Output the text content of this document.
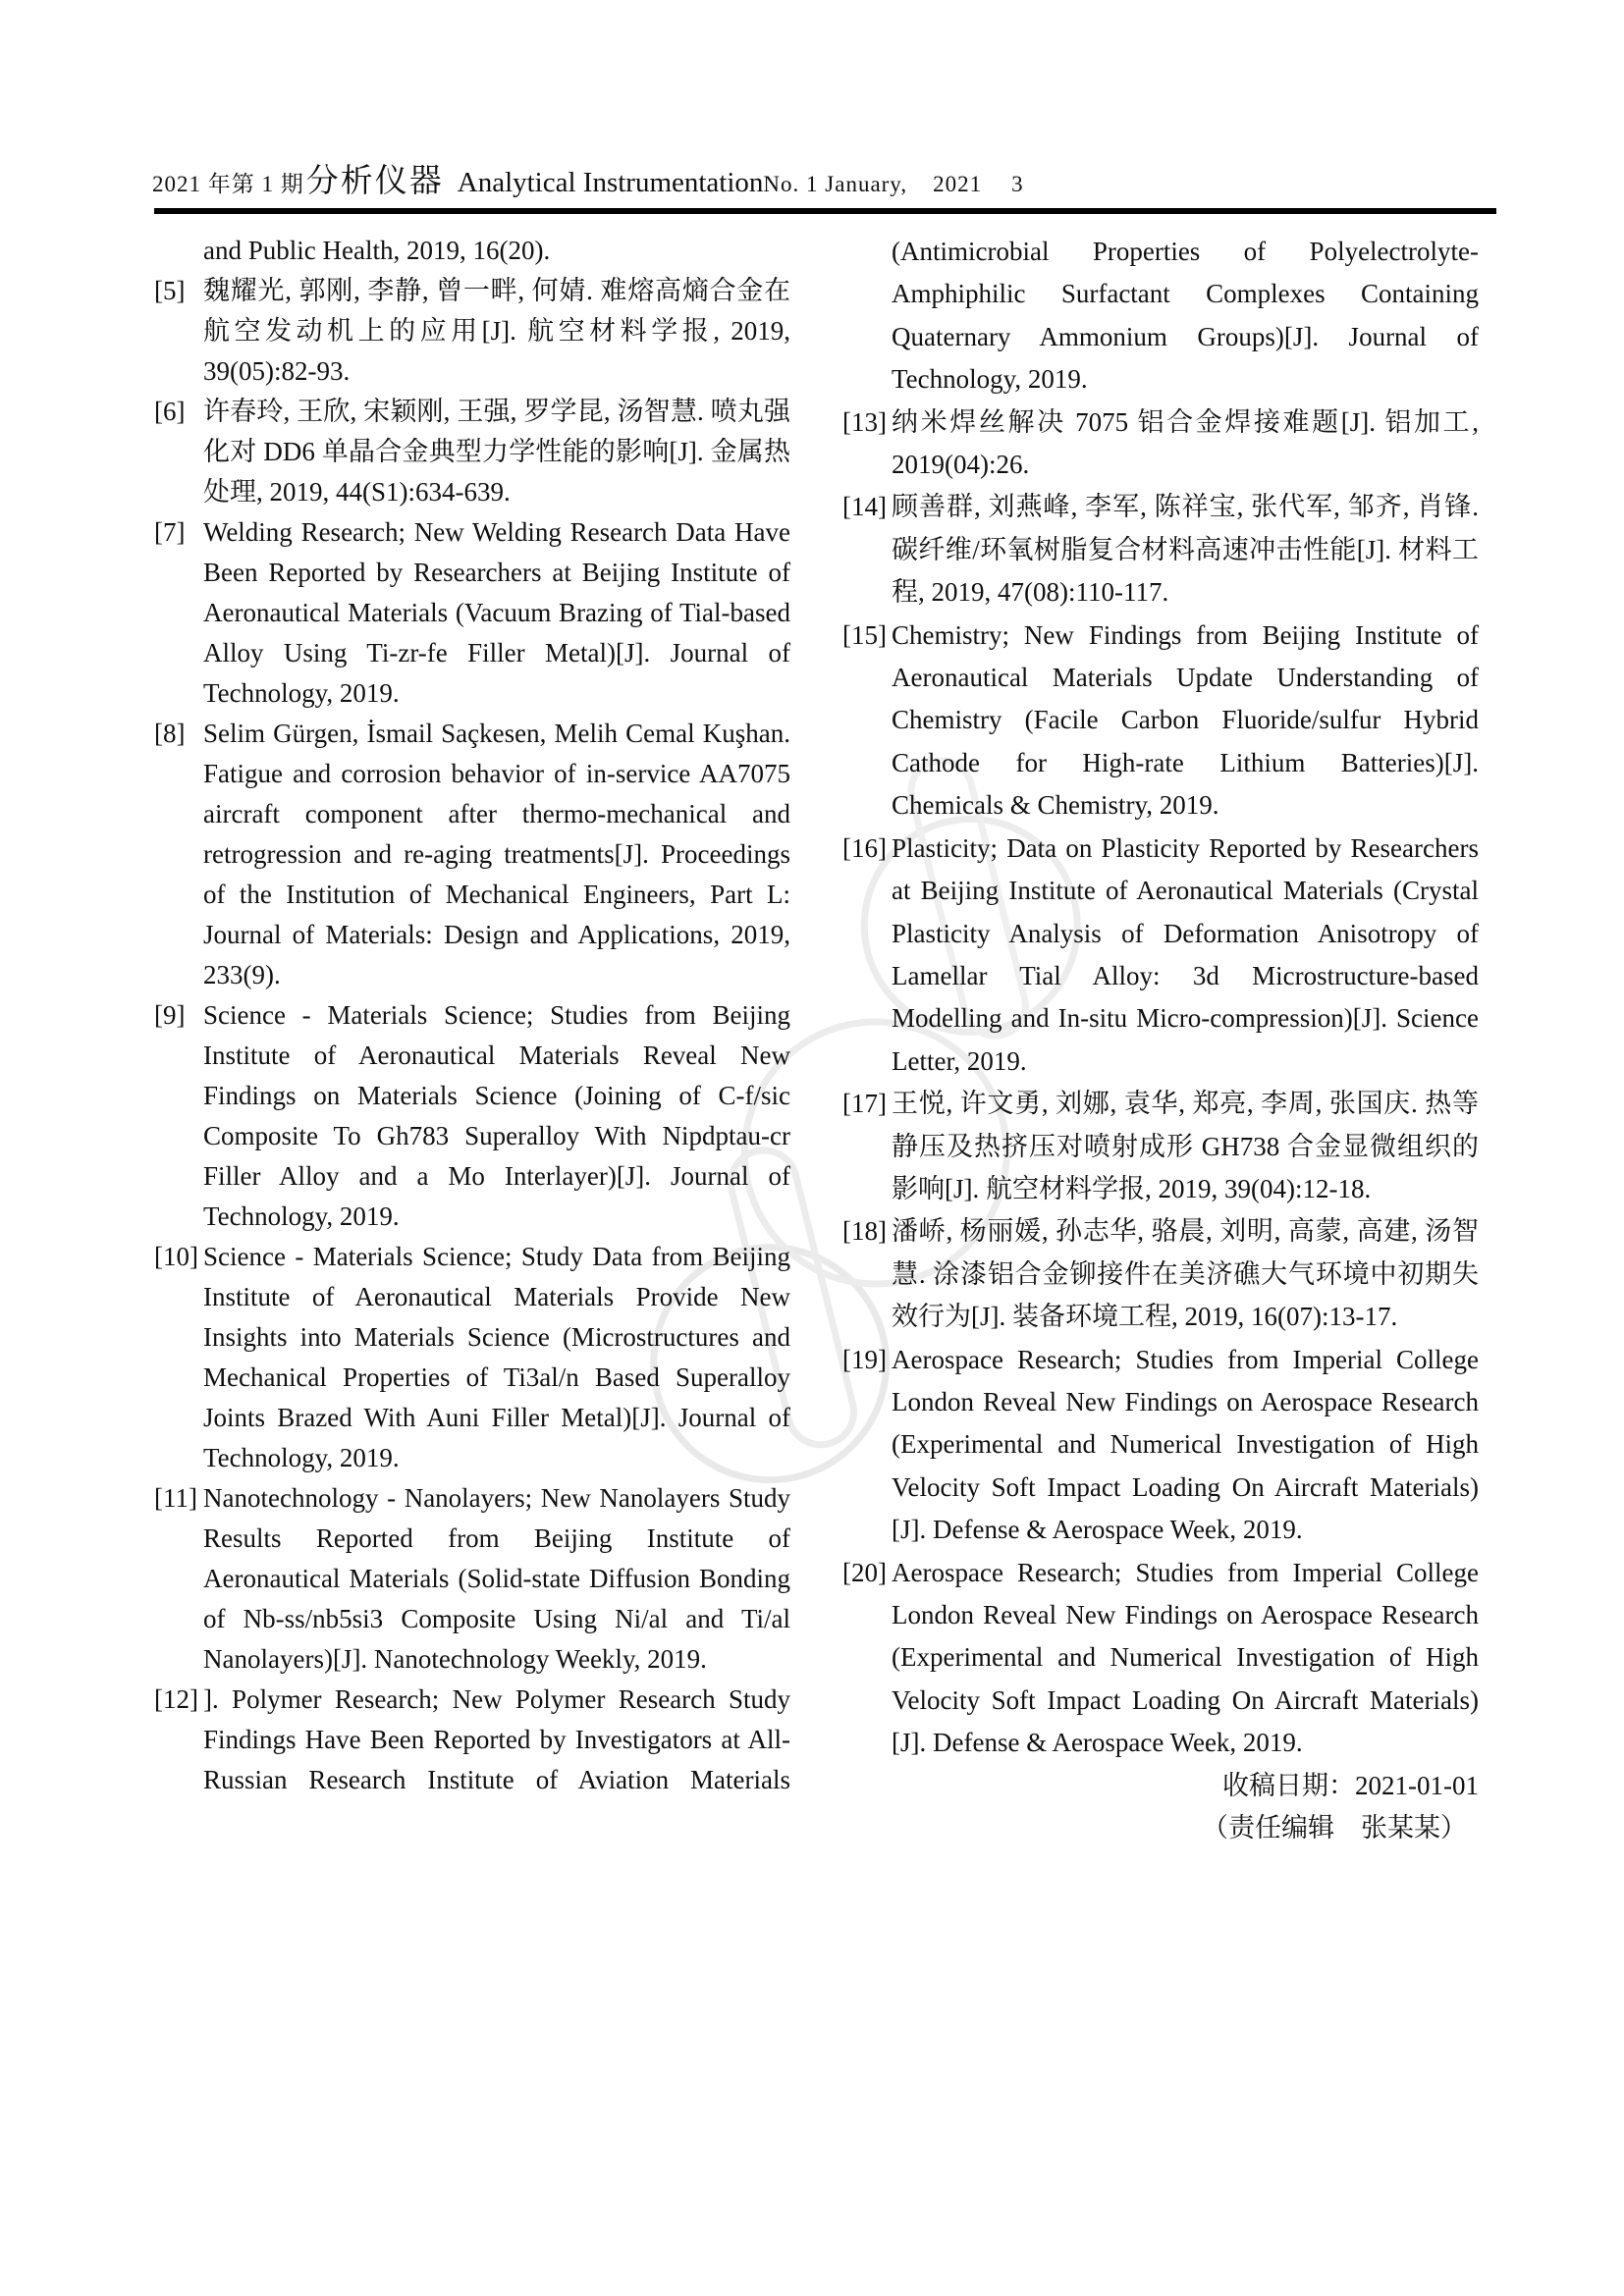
2021 年第 1 期 分析仪器 Analytical Instrumentation No. 1 January, 2021 3
and Public Health, 2019, 16(20).
[5] 魏耀光, 郭刚, 李静, 曾一畔, 何婧. 难熔高熵合金在航空发动机上的应用[J]. 航空材料学报, 2019, 39(05):82-93.
[6] 许春玲, 王欣, 宋颖刚, 王强, 罗学昆, 汤智慧. 喷丸强化对 DD6 单晶合金典型力学性能的影响[J]. 金属热处理, 2019, 44(S1):634-639.
[7] Welding Research; New Welding Research Data Have Been Reported by Researchers at Beijing Institute of Aeronautical Materials (Vacuum Brazing of Tial-based Alloy Using Ti-zr-fe Filler Metal)[J]. Journal of Technology, 2019.
[8] Selim Gürgen, İsmail Saçkesen, Melih Cemal Kuşhan. Fatigue and corrosion behavior of in-service AA7075 aircraft component after thermo-mechanical and retrogression and re-aging treatments[J]. Proceedings of the Institution of Mechanical Engineers, Part L: Journal of Materials: Design and Applications, 2019, 233(9).
[9] Science - Materials Science; Studies from Beijing Institute of Aeronautical Materials Reveal New Findings on Materials Science (Joining of C-f/sic Composite To Gh783 Superalloy With Nipdptau-cr Filler Alloy and a Mo Interlayer)[J]. Journal of Technology, 2019.
[10] Science - Materials Science; Study Data from Beijing Institute of Aeronautical Materials Provide New Insights into Materials Science (Microstructures and Mechanical Properties of Ti3al/n Based Superalloy Joints Brazed With Auni Filler Metal)[J]. Journal of Technology, 2019.
[11] Nanotechnology - Nanolayers; New Nanolayers Study Results Reported from Beijing Institute of Aeronautical Materials (Solid-state Diffusion Bonding of Nb-ss/nb5si3 Composite Using Ni/al and Ti/al Nanolayers)[J]. Nanotechnology Weekly, 2019.
[12] ]. Polymer Research; New Polymer Research Study Findings Have Been Reported by Investigators at All-Russian Research Institute of Aviation Materials
(Antimicrobial Properties of Polyelectrolyte-Amphiphilic Surfactant Complexes Containing Quaternary Ammonium Groups)[J]. Journal of Technology, 2019.
[13] 纳米焊丝解决 7075 铝合金焊接难题[J]. 铝加工, 2019(04):26.
[14] 顾善群, 刘燕峰, 李军, 陈祥宝, 张代军, 邹齐, 肖锋. 碳纤维/环氧树脂复合材料高速冲击性能[J]. 材料工程, 2019, 47(08):110-117.
[15] Chemistry; New Findings from Beijing Institute of Aeronautical Materials Update Understanding of Chemistry (Facile Carbon Fluoride/sulfur Hybrid Cathode for High-rate Lithium Batteries)[J]. Chemicals & Chemistry, 2019.
[16] Plasticity; Data on Plasticity Reported by Researchers at Beijing Institute of Aeronautical Materials (Crystal Plasticity Analysis of Deformation Anisotropy of Lamellar Tial Alloy: 3d Microstructure-based Modelling and In-situ Micro-compression)[J]. Science Letter, 2019.
[17] 王悦, 许文勇, 刘娜, 袁华, 郑亮, 李周, 张国庆. 热等静压及热挤压对喷射成形 GH738 合金显微组织的影响[J]. 航空材料学报, 2019, 39(04):12-18.
[18] 潘峤, 杨丽媛, 孙志华, 骆晨, 刘明, 高蒙, 高建, 汤智慧. 涂漆铝合金铆接件在美济礁大气环境中初期失效行为[J]. 装备环境工程, 2019, 16(07):13-17.
[19] Aerospace Research; Studies from Imperial College London Reveal New Findings on Aerospace Research (Experimental and Numerical Investigation of High Velocity Soft Impact Loading On Aircraft Materials)[J]. Defense & Aerospace Week, 2019.
[20] Aerospace Research; Studies from Imperial College London Reveal New Findings on Aerospace Research (Experimental and Numerical Investigation of High Velocity Soft Impact Loading On Aircraft Materials)[J]. Defense & Aerospace Week, 2019.
收稿日期：2021-01-01
（责任编辑　张某某）
